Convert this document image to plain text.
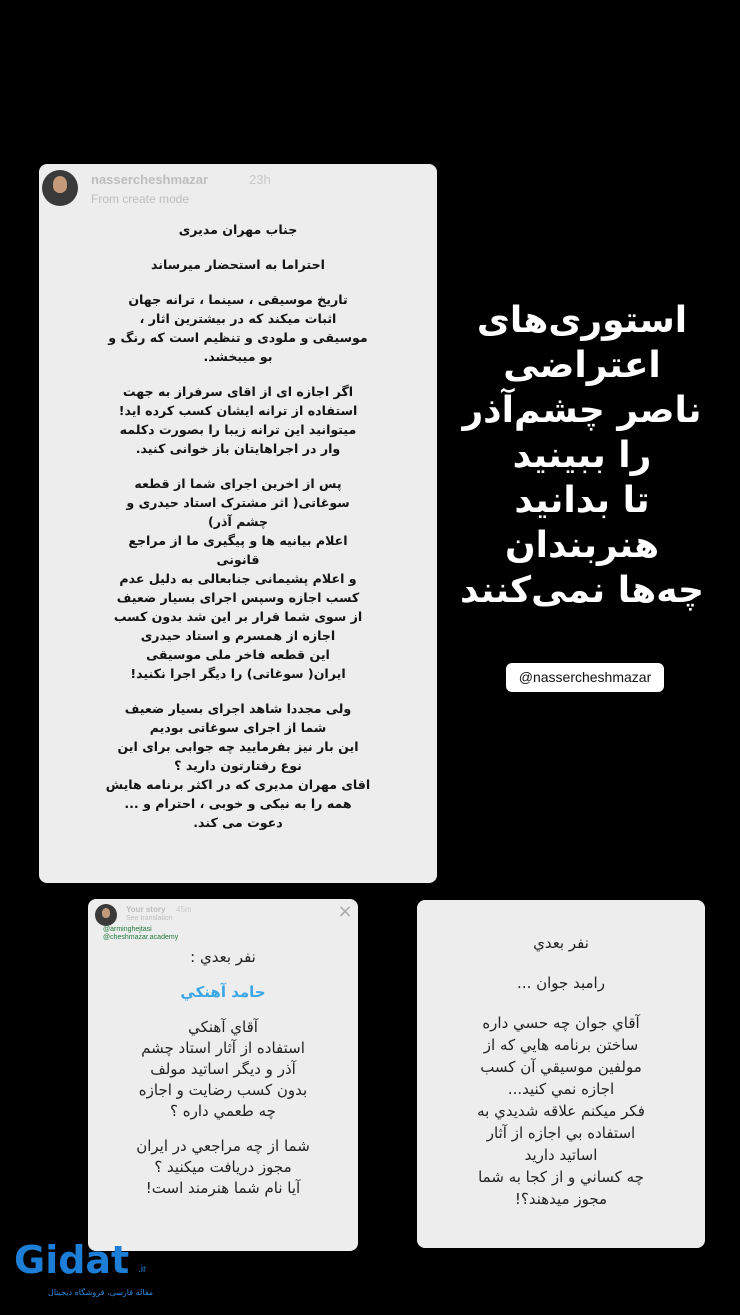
nassercheshmazar	23h
From create mode

جناب مهران مدیری

احتراما به استحضار میرساند

تاریخ موسیقی ، سینما ، ترانه جهان
اثبات میکند که در بیشترین اثار ،
موسیقی و ملودی و تنظیم است که رنگ و
بو میبخشد.

اگر اجازه ای از اقای سرفراز به جهت
استفاده از ترانه ایشان کسب کرده اید!
میتوانید این ترانه زیبا را بصورت دکلمه
وار در اجراهایتان باز خوانی کنید.

پس از اخرین اجرای شما از قطعه
سوغاتی( اثر مشترک استاد حیدری و
چشم آذر)
اعلام بیانیه ها و پیگیری ما از مراجع
قانونی
و اعلام پشیمانی جنابعالی به دلیل عدم
کسب اجازه وسپس اجرای بسیار ضعیف
از سوی شما قرار بر این شد بدون کسب
اجازه از همسرم و استاد حیدری
این قطعه فاخر ملی موسیقی
ایران( سوغاتی) را دیگر اجرا نکنید!

ولی مجددا شاهد اجرای بسیار ضعیف
شما از اجرای سوغاتی بودیم
این بار نیز بفرمایید چه جوابی برای این
نوع رفتارتون دارید ؟
اقای مهران مدیری که در اکثر برنامه هایش
همه را به نیکی و خوبی ، احترام و ...
دعوت می کند.

استوری‌های
اعتراضی
ناصر چشم‌آذر
را ببینید
تا بدانید
هنربندان
چه‌ها نمی‌کنند
@nassercheshmazar
Your story 45m
See translation
@arminghejtasi
@cheshmazar.academy
×

نفر بعدي :

حامد آهنكي

آقاي آهنكي
استفاده از آثار استاد چشم
آذر و ديگر اساتيد مولف
بدون كسب رضايت و اجازه
چه طعمي داره ؟

شما از چه مراجعي در ايران
مجوز دريافت ميكنيد ؟
آيا نام شما هنرمند است!

نفر بعدي

رامبد جوان ...

آقاي جوان چه حسي داره
ساختن برنامه هايي كه از
مولفين موسيقي آن كسب
اجازه نمي كنيد...
فكر ميكنم علاقه شديدي به
استفاده بي اجازه از آثار
اساتيد داريد
چه كساني و از كجا به شما
مجوز ميدهند؟!

Gidat .ir
مقاله فارسی، فروشگاه دیجیتال
